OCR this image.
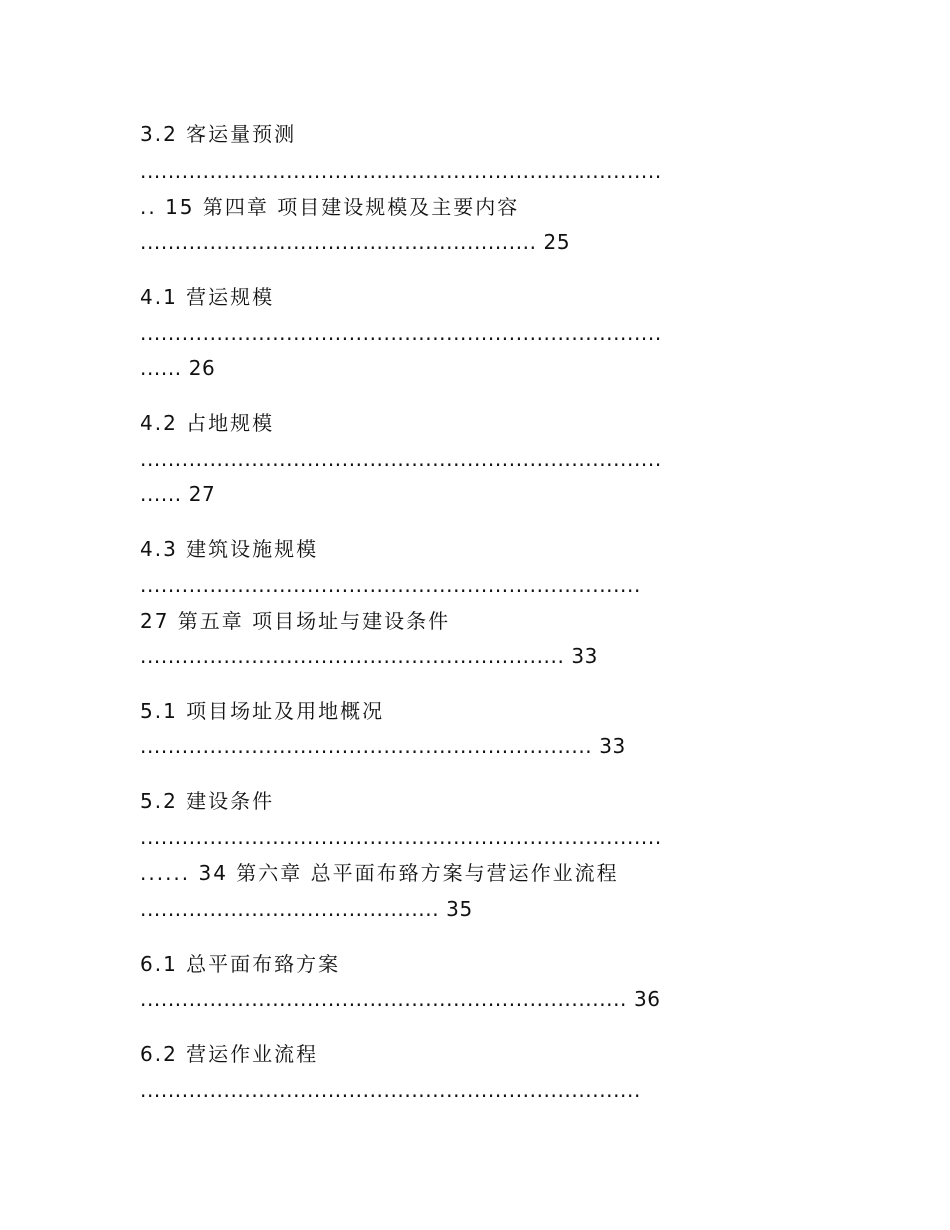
3.2 客运量预测
...........................................................................
.. 15 第四章 项目建设规模及主要内容
......................................................... 25
4.1 营运规模
...........................................................................
...... 26
4.2 占地规模
...........................................................................
...... 27
4.3 建筑设施规模
........................................................................
27 第五章 项目场址与建设条件
............................................................. 33
5.1 项目场址及用地概况
................................................................. 33
5.2 建设条件
...........................................................................
...... 34 第六章 总平面布臵方案与营运作业流程
........................................... 35
6.1 总平面布臵方案
...................................................................... 36
6.2 营运作业流程
........................................................................
